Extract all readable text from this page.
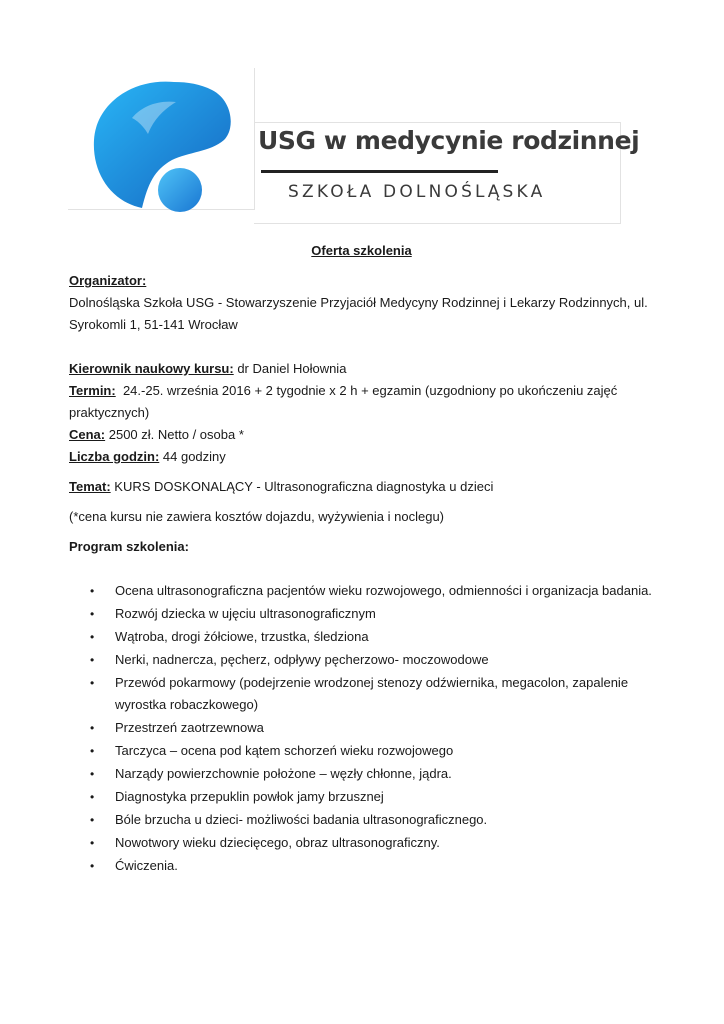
USG w medycynie rodzinnej
SZKOŁA DOLNOŚLĄSKA

Oferta szkolenia

Organizator:
Dolnośląska Szkoła USG - Stowarzyszenie Przyjaciół Medycyny Rodzinnej i Lekarzy Rodzinnych, ul. Syrokomli 1, 51-141 Wrocław

Kierownik naukowy kursu: dr Daniel Hołownia

Termin:  24.-25. września 2016 + 2 tygodnie x 2 h + egzamin (uzgodniony po ukończeniu zajęć praktycznych)

Cena: 2500 zł. Netto / osoba *

Liczba godzin: 44 godziny

Temat: KURS DOSKONALĄCY - Ultrasonograficzna diagnostyka u dzieci

(*cena kursu nie zawiera kosztów dojazdu, wyżywienia i noclegu)

Program szkolenia:

• Ocena ultrasonograficzna pacjentów wieku rozwojowego, odmienności i organizacja badania.
• Rozwój dziecka w ujęciu ultrasonograficznym
• Wątroba, drogi żółciowe, trzustka, śledziona
• Nerki, nadnercza, pęcherz, odpływy pęcherzowo- moczowodowe
• Przewód pokarmowy (podejrzenie wrodzonej stenozy odźwiernika, megacolon, zapalenie wyrostka robaczkowego)
• Przestrzeń zaotrzewnowa
• Tarczyca – ocena pod kątem schorzeń wieku rozwojowego
• Narządy powierzchownie położone – węzły chłonne, jądra.
• Diagnostyka przepuklin powłok jamy brzusznej
• Bóle brzucha u dzieci- możliwości badania ultrasonograficznego.
• Nowotwory wieku dziecięcego, obraz ultrasonograficzny.
• Ćwiczenia.
